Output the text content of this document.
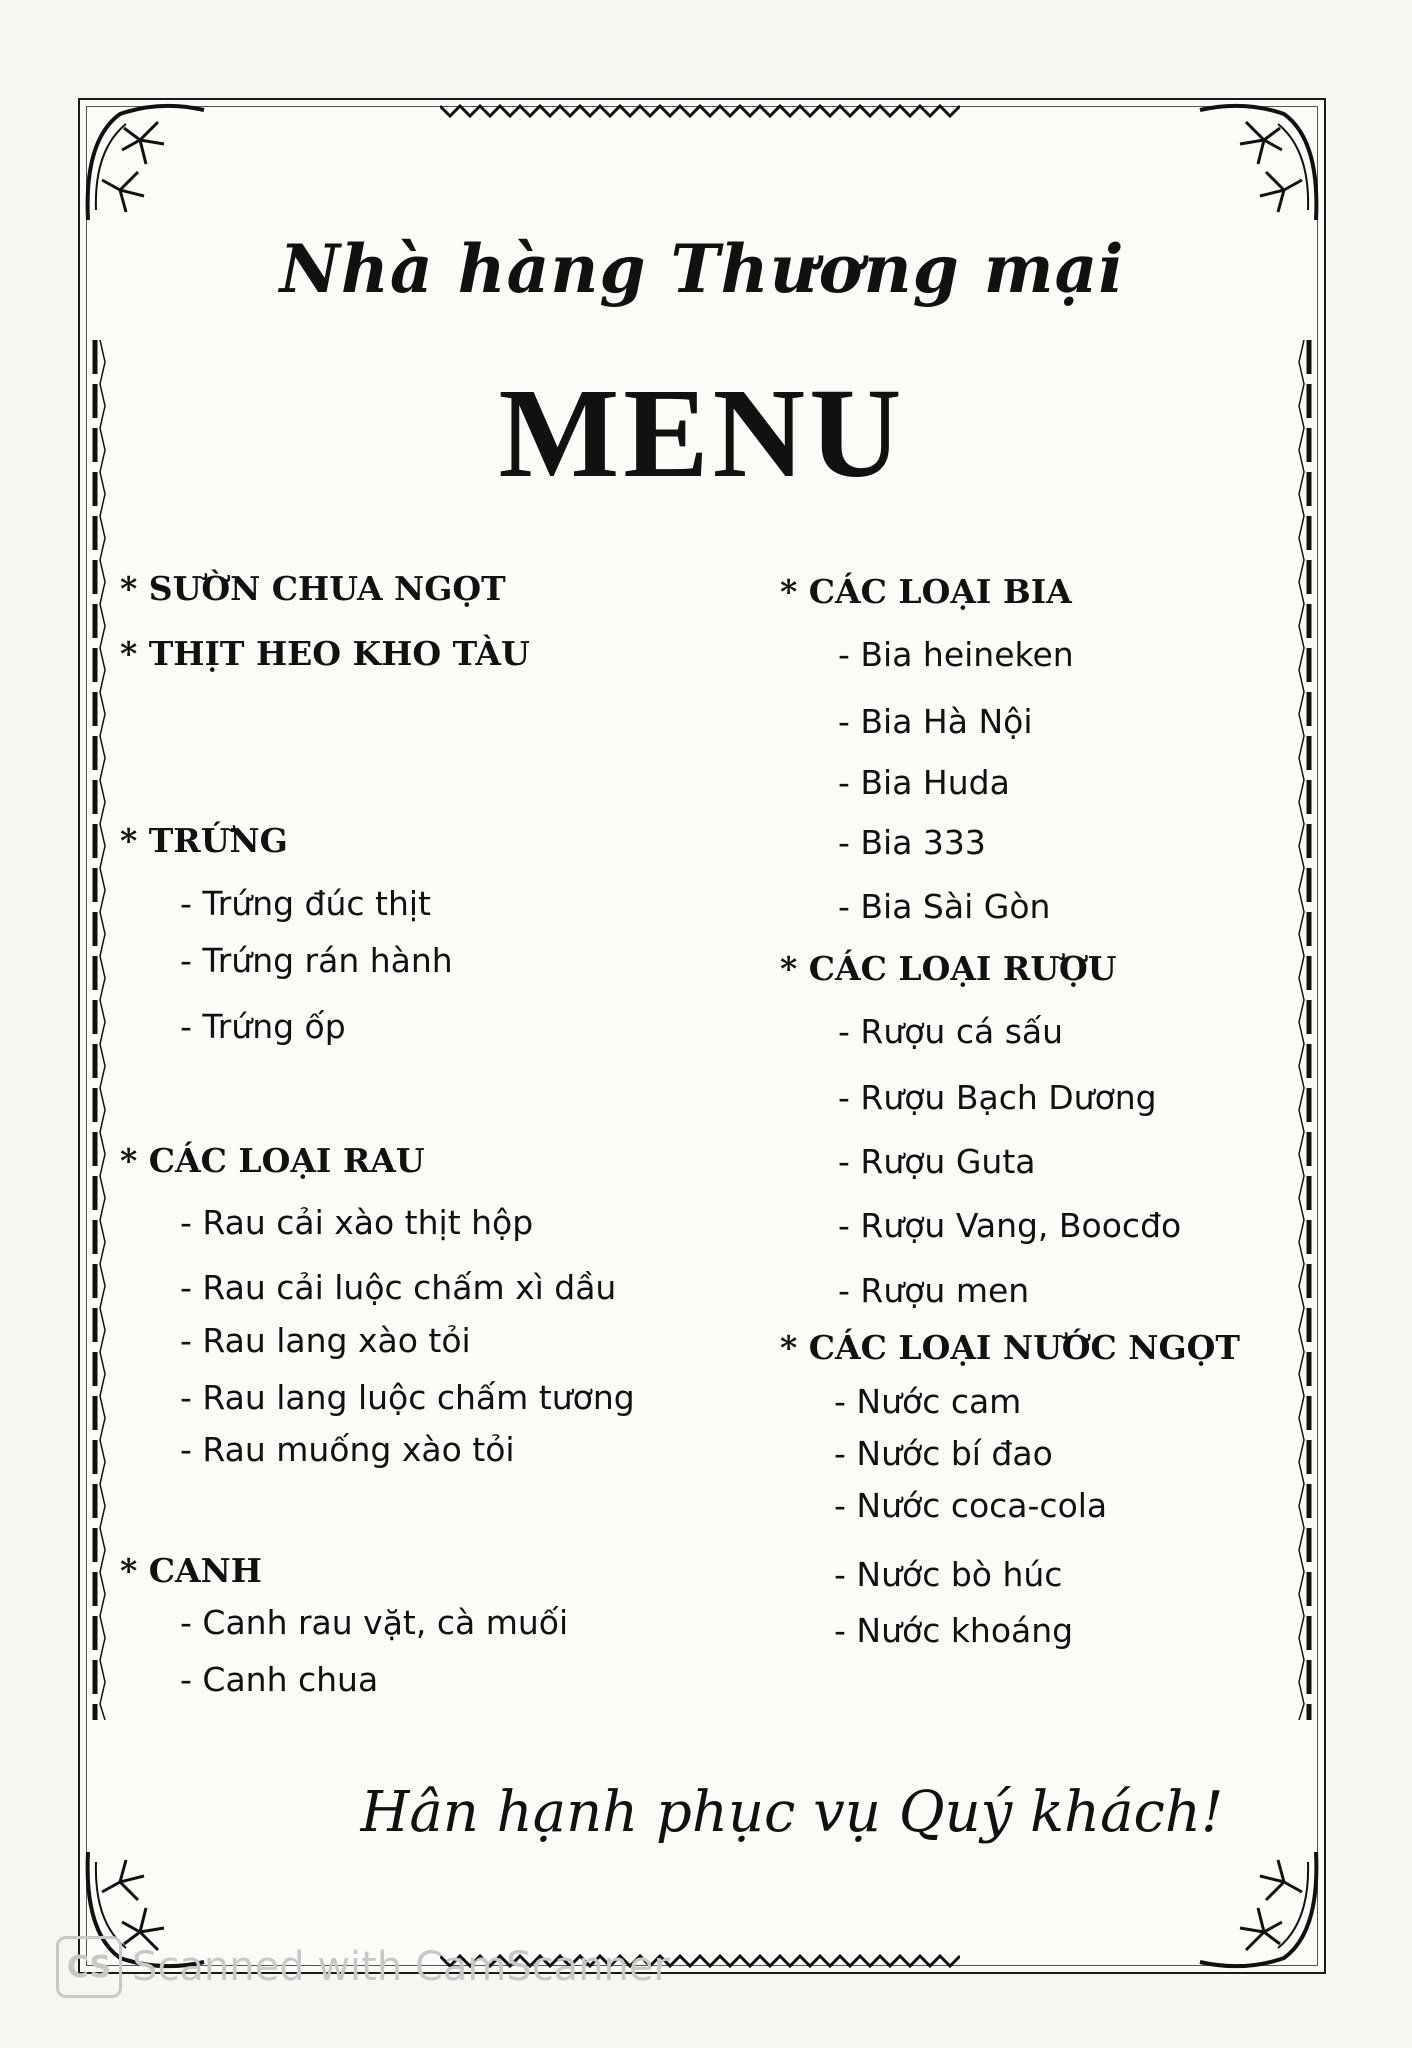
Nhà hàng Thương mại
MENU
* SƯỜN CHUA NGỌT
* THỊT HEO KHO TÀU
* TRỨNG
- Trứng đúc thịt
- Trứng rán hành
- Trứng ốp
* CÁC LOẠI RAU
- Rau cải xào thịt hộp
- Rau cải luộc chấm xì dầu
- Rau lang xào tỏi
- Rau lang luộc chấm tương
- Rau muống xào tỏi
* CANH
- Canh rau vặt, cà muối
- Canh chua
* CÁC LOẠI BIA
- Bia heineken
- Bia Hà Nội
- Bia Huda
- Bia 333
- Bia Sài Gòn
* CÁC LOẠI RƯỢU
- Rượu cá sấu
- Rượu Bạch Dương
- Rượu Guta
- Rượu Vang, Boocđo
- Rượu men
* CÁC LOẠI NƯỚC NGỌT
- Nước cam
- Nước bí đao
- Nước coca-cola
- Nước bò húc
- Nước khoáng
Hân hạnh phục vụ Quý khách!
CS Scanned with CamScanner
